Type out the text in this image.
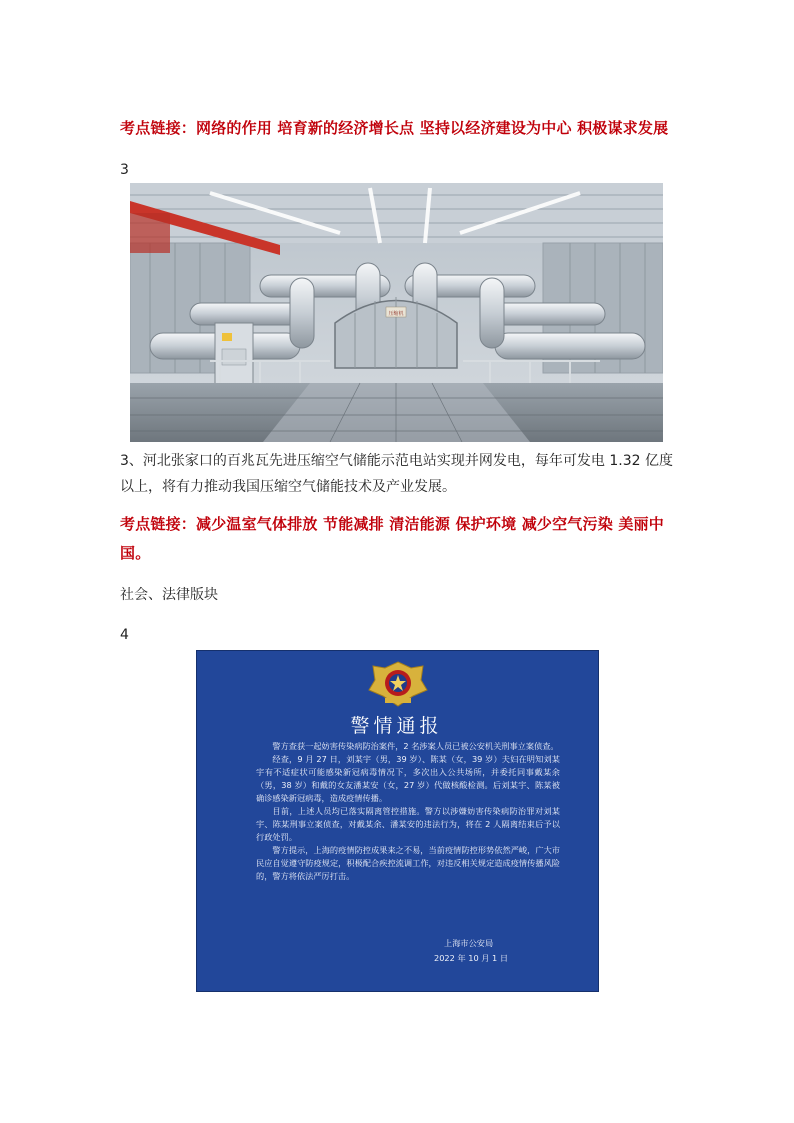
考点链接：网络的作用 培育新的经济增长点 坚持以经济建设为中心 积极谋求发展

3

压缩机

3、河北张家口的百兆瓦先进压缩空气储能示范电站实现并网发电，每年可发电 1.32 亿度以上，将有力推动我国压缩空气储能技术及产业发展。

考点链接：减少温室气体排放 节能减排 清洁能源 保护环境 减少空气污染 美丽中

国。

社会、法律版块

4

警情通报

警方查获一起妨害传染病防治案件，2 名涉案人员已被公安机关刑事立案侦查。

经查，9 月 27 日，刘某宇（男，39 岁）、陈某（女，39 岁）夫妇在明知刘某宇有不适症状可能感染新冠病毒情况下，多次出入公共场所，并委托同事戴某余（男，38 岁）和戴的女友潘某安（女，27 岁）代做核酸检测。后刘某宇、陈某被确诊感染新冠病毒，造成疫情传播。

目前，上述人员均已落实隔离管控措施。警方以涉嫌妨害传染病防治罪对刘某宇、陈某刑事立案侦查，对戴某余、潘某安的违法行为，将在 2 人隔离结束后予以行政处罚。

警方提示，上海的疫情防控成果来之不易，当前疫情防控形势依然严峻，广大市民应自觉遵守防疫规定，积极配合疾控流调工作，对违反相关规定造成疫情传播风险的，警方将依法严厉打击。

上海市公安局
2022 年 10 月 1 日
